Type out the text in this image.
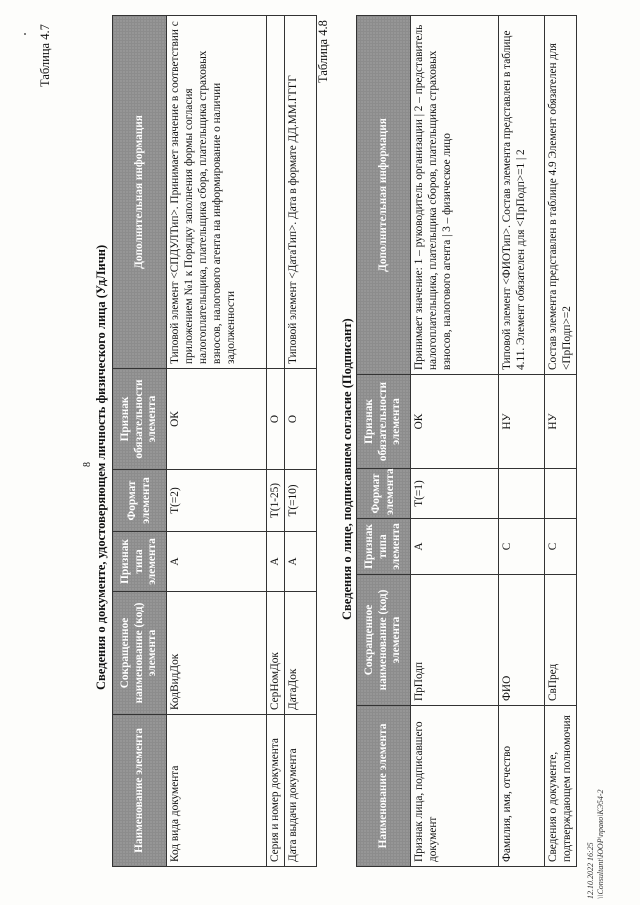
8
Таблица 4.7
Сведения о документе, удостоверяющем личность физического лица (УдЛичн)
Наименование элемента	Сокращенное наименование (код) элемента	Признак типа элемента	Формат элемента	Признак обязательности элемента	Дополнительная информация
Код вида документа	КодВидДок	А	Т(=2)	ОК	Типовой элемент <СПДУЛТип>. Принимает значение в соответствии с приложением №1 к Порядку заполнения формы согласия налогоплательщика, плательщика сбора, плательщика страховых взносов, налогового агента на информирование о наличии задолженности
Серия и номер документа	СерНомДок	А	Т(1-25)	О	
Дата выдачи документа	ДатаДок	А	Т(=10)	О	Типовой элемент <ДатаТип>. Дата в формате ДД.ММ.ГГГГ
Таблица 4.8
Сведения о лице, подписавшем согласие (Подписант)
Наименование элемента	Сокращенное наименование (код) элемента	Признак типа элемента	Формат элемента	Признак обязательности элемента	Дополнительная информация
Признак лица, подписавшего документ	ПрПодп	А	Т(=1)	ОК	Принимает значение: 1 – руководитель организации | 2 – представитель налогоплательщика, плательщика сборов, плательщика страховых взносов, налогового агента | 3 – физическое лицо
Фамилия, имя, отчество	ФИО	С		НУ	Типовой элемент <ФИОТип>. Состав элемента представлен в таблице 4.11. Элемент обязателен для <ПрПодп>=1 | 2
Сведения о документе, подтверждающем полномочия	СвПред	С		НУ	Состав элемента представлен в таблице 4.9 Элемент обязателен для <ПрПодп>=2
12.10.2022 16:25 \\Consultant\ЮОР\право\КЭ54-2
